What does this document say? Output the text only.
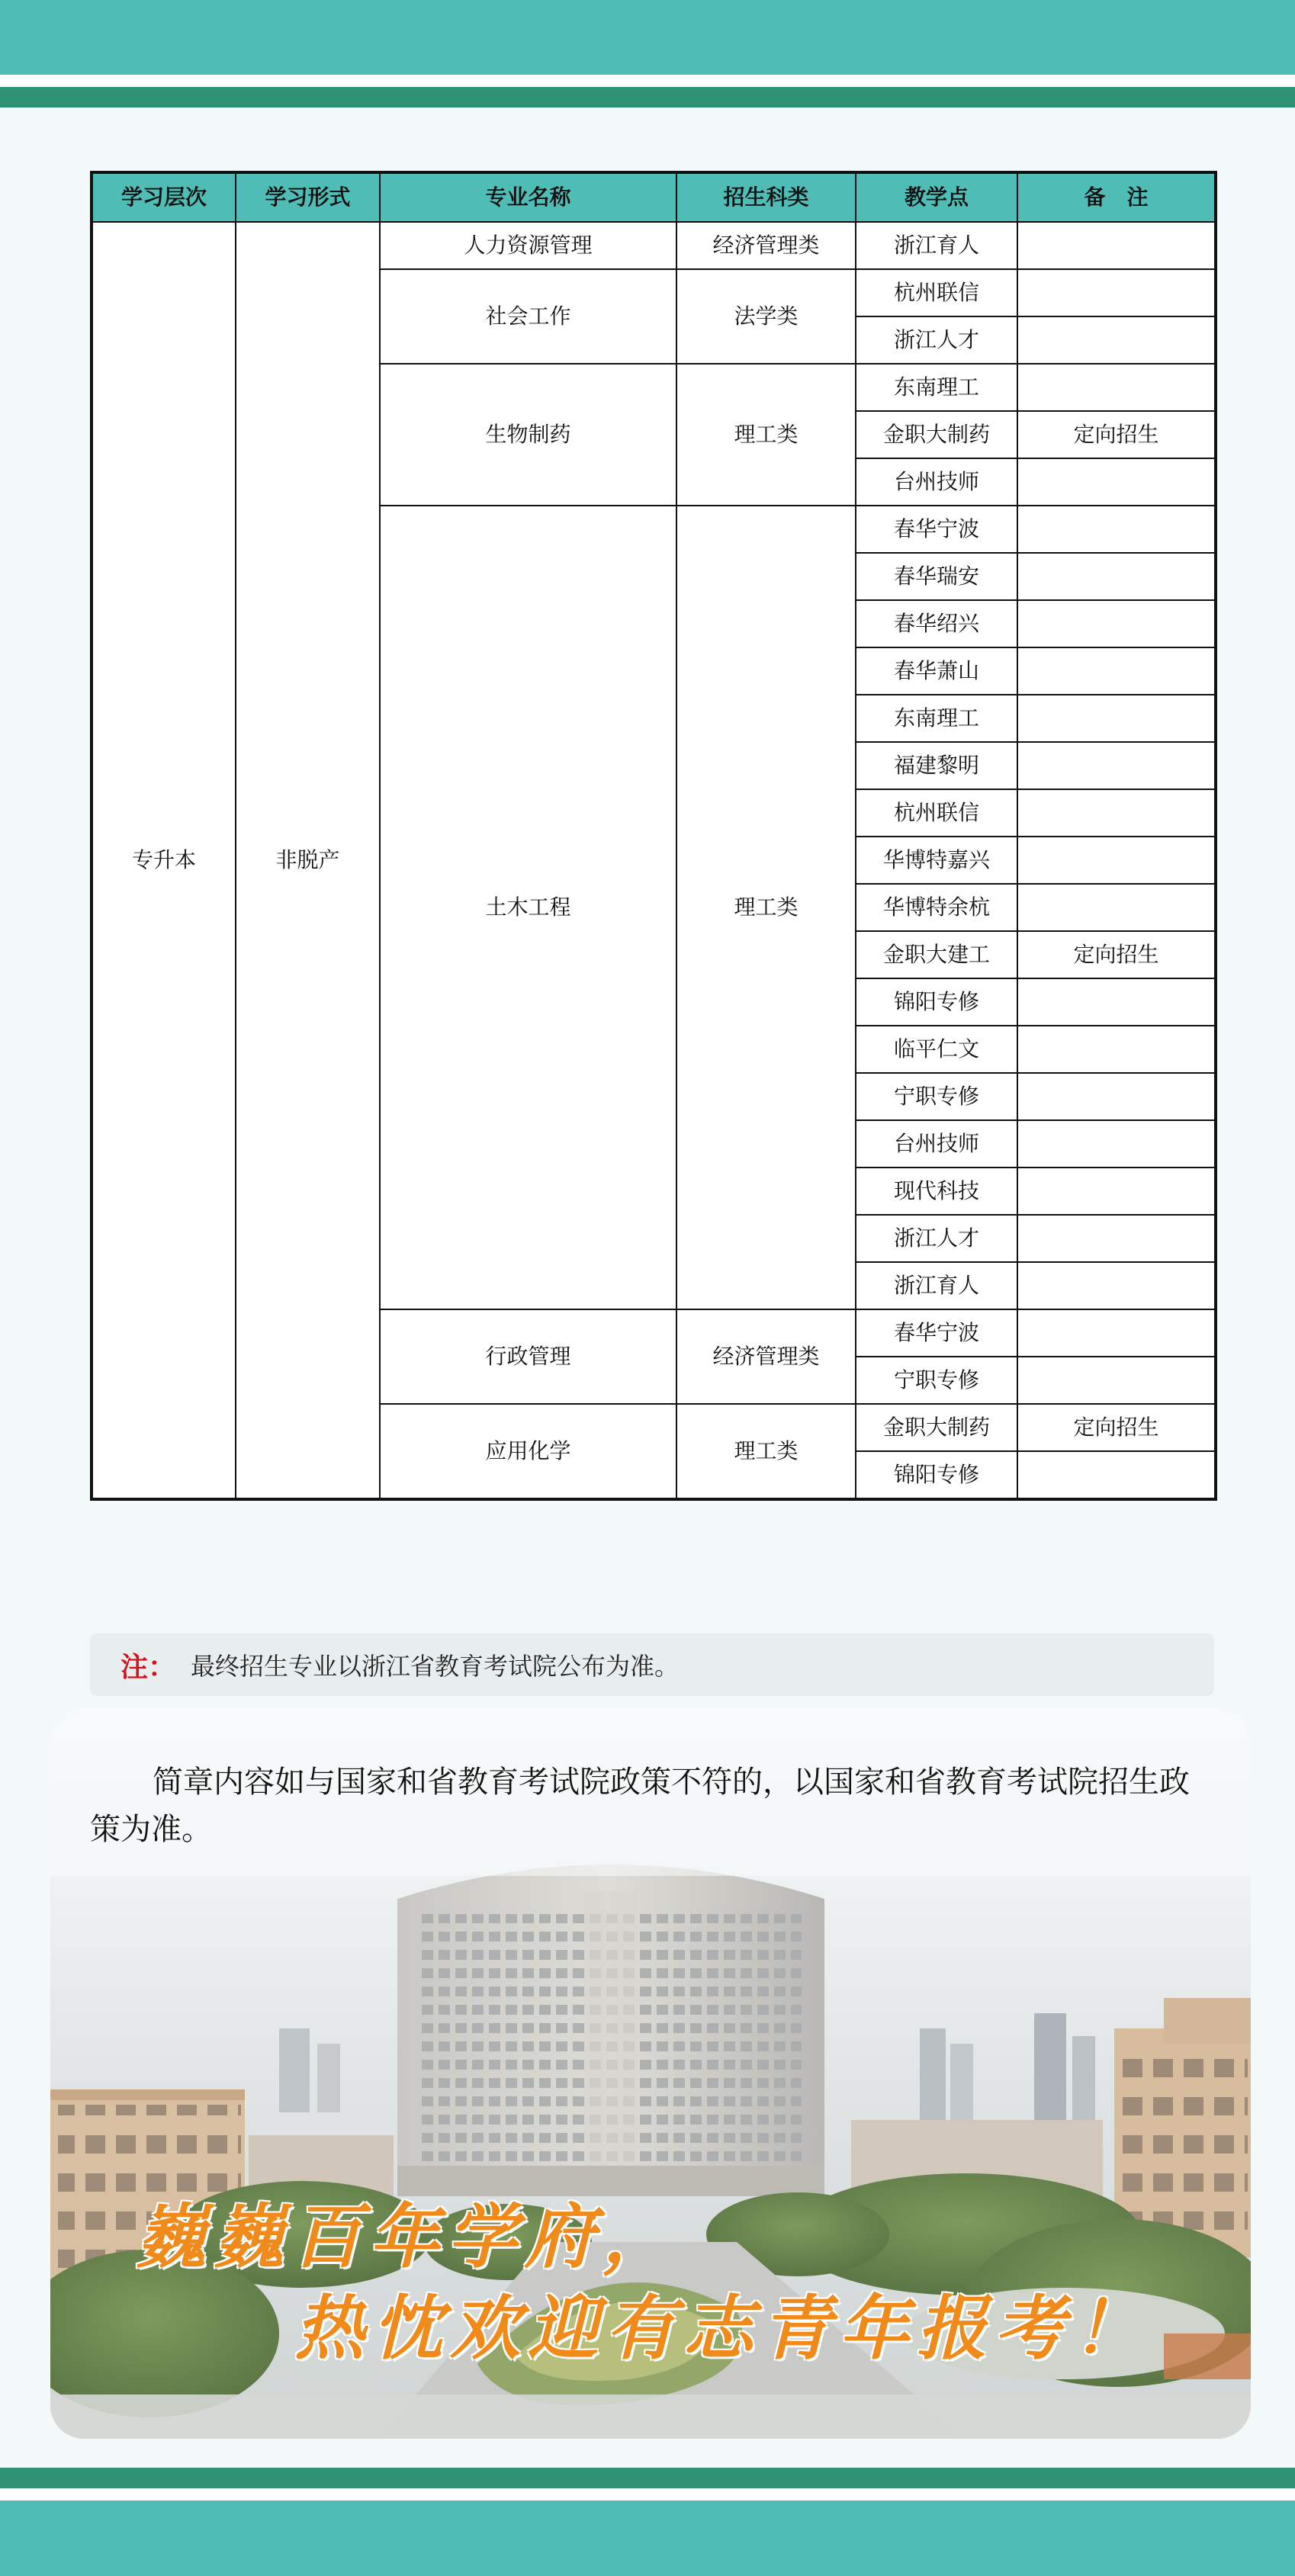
学习层次	学习形式	专业名称	招生科类	教学点	备　注
专升本	非脱产	人力资源管理	经济管理类	浙江育人	
		社会工作	法学类	杭州联信	
				浙江人才	
		生物制药	理工类	东南理工	
				金职大制药	定向招生
				台州技师	
		土木工程	理工类	春华宁波	
				春华瑞安	
				春华绍兴	
				春华萧山	
				东南理工	
				福建黎明	
				杭州联信	
				华博特嘉兴	
				华博特余杭	
				金职大建工	定向招生
				锦阳专修	
				临平仁文	
				宁职专修	
				台州技师	
				现代科技	
				浙江人才	
				浙江育人	
		行政管理	经济管理类	春华宁波	
				宁职专修	
		应用化学	理工类	金职大制药	定向招生
				锦阳专修	
注 ： 最终招生专业以浙江省教育考试院公布为准。
简章内容如与国家和省教育考试院政策不符的，以国家和省教育考试院招生政策为准。
巍巍百年学府，
热忱欢迎有志青年报考！
